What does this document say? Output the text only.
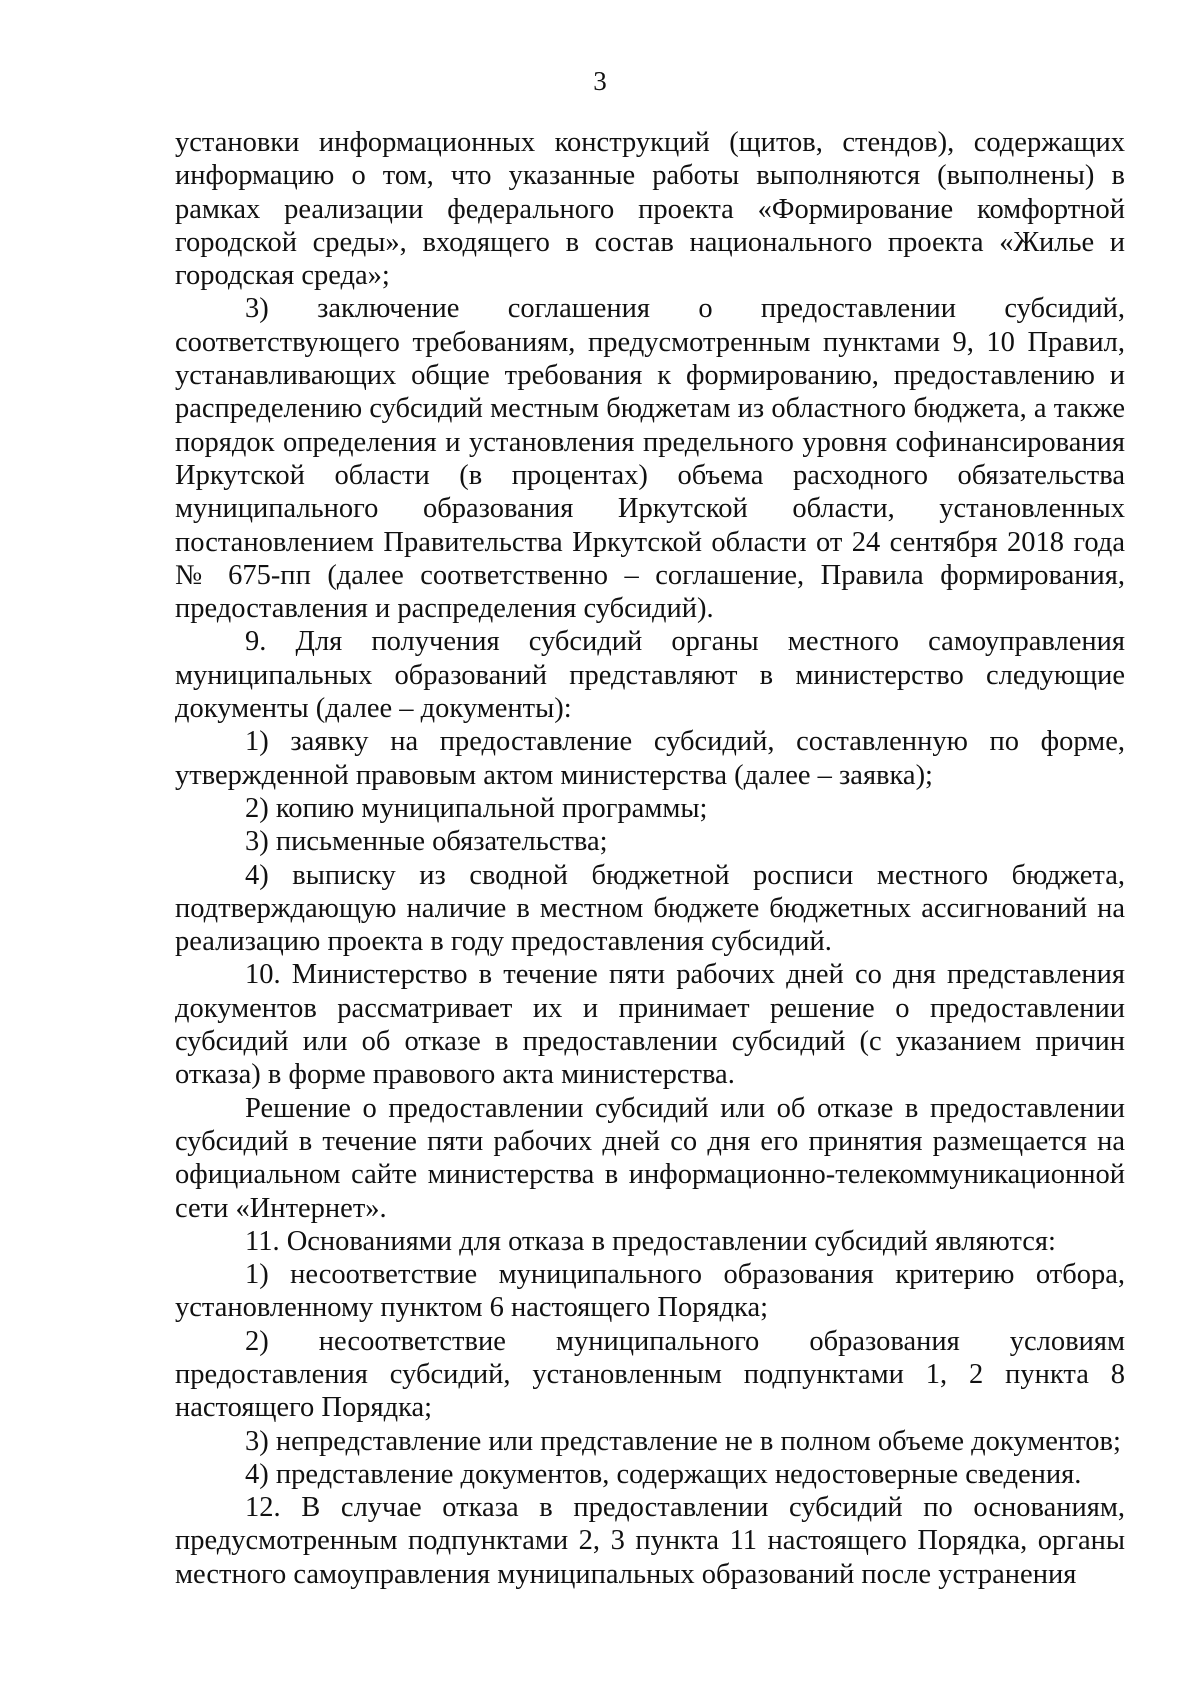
3

установки информационных конструкций (щитов, стендов), содержащих информацию о том, что указанные работы выполняются (выполнены) в рамках реализации федерального проекта «Формирование комфортной городской среды», входящего в состав национального проекта «Жилье и городская среда»;

3) заключение соглашения о предоставлении субсидий, соответствующего требованиям, предусмотренным пунктами 9, 10 Правил, устанавливающих общие требования к формированию, предоставлению и распределению субсидий местным бюджетам из областного бюджета, а также порядок определения и установления предельного уровня софинансирования Иркутской области (в процентах) объема расходного обязательства муниципального образования Иркутской области, установленных постановлением Правительства Иркутской области от 24 сентября 2018 года № 675-пп (далее соответственно – соглашение, Правила формирования, предоставления и распределения субсидий).

9. Для получения субсидий органы местного самоуправления муниципальных образований представляют в министерство следующие документы (далее – документы):

1) заявку на предоставление субсидий, составленную по форме, утвержденной правовым актом министерства (далее – заявка);

2) копию муниципальной программы;

3) письменные обязательства;

4) выписку из сводной бюджетной росписи местного бюджета, подтверждающую наличие в местном бюджете бюджетных ассигнований на реализацию проекта в году предоставления субсидий.

10. Министерство в течение пяти рабочих дней со дня представления документов рассматривает их и принимает решение о предоставлении субсидий или об отказе в предоставлении субсидий (с указанием причин отказа) в форме правового акта министерства.

Решение о предоставлении субсидий или об отказе в предоставлении субсидий в течение пяти рабочих дней со дня его принятия размещается на официальном сайте министерства в информационно-телекоммуникационной сети «Интернет».

11. Основаниями для отказа в предоставлении субсидий являются:

1) несоответствие муниципального образования критерию отбора, установленному пунктом 6 настоящего Порядка;

2) несоответствие муниципального образования условиям предоставления субсидий, установленным подпунктами 1, 2 пункта 8 настоящего Порядка;

3) непредставление или представление не в полном объеме документов;

4) представление документов, содержащих недостоверные сведения.

12. В случае отказа в предоставлении субсидий по основаниям, предусмотренным подпунктами 2, 3 пункта 11 настоящего Порядка, органы местного самоуправления муниципальных образований после устранения
